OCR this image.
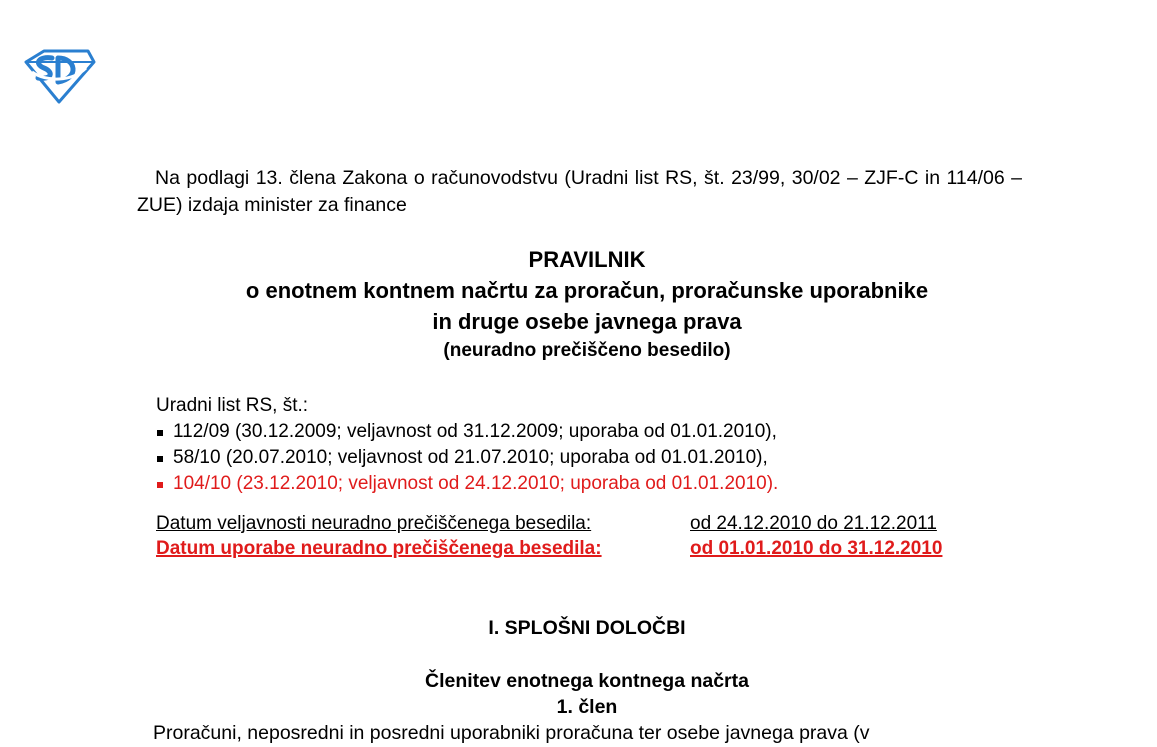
Na podlagi 13. člena Zakona o računovodstvu (Uradni list RS, št. 23/99, 30/02 – ZJF-C in 114/06 – ZUE) izdaja minister za finance

PRAVILNIK

o enotnem kontnem načrtu za proračun, proračunske uporabnike

in druge osebe javnega prava

(neuradno prečiščeno besedilo)

Uradni list RS, št.:

112/09 (30.12.2009; veljavnost od 31.12.2009; uporaba od 01.01.2010),
58/10 (20.07.2010; veljavnost od 21.07.2010; uporaba od 01.01.2010),
104/10 (23.12.2010; veljavnost od 24.12.2010; uporaba od 01.01.2010).
Datum veljavnosti neuradno prečiščenega besedila:	od 24.12.2010 do 21.12.2011
Datum uporabe neuradno prečiščenega besedila:	od 01.01.2010 do 31.12.2010

I. SPLOŠNI DOLOČBI

Členitev enotnega kontnega načrta

1. člen

Proračuni, neposredni in posredni uporabniki proračuna ter osebe javnega prava (v
